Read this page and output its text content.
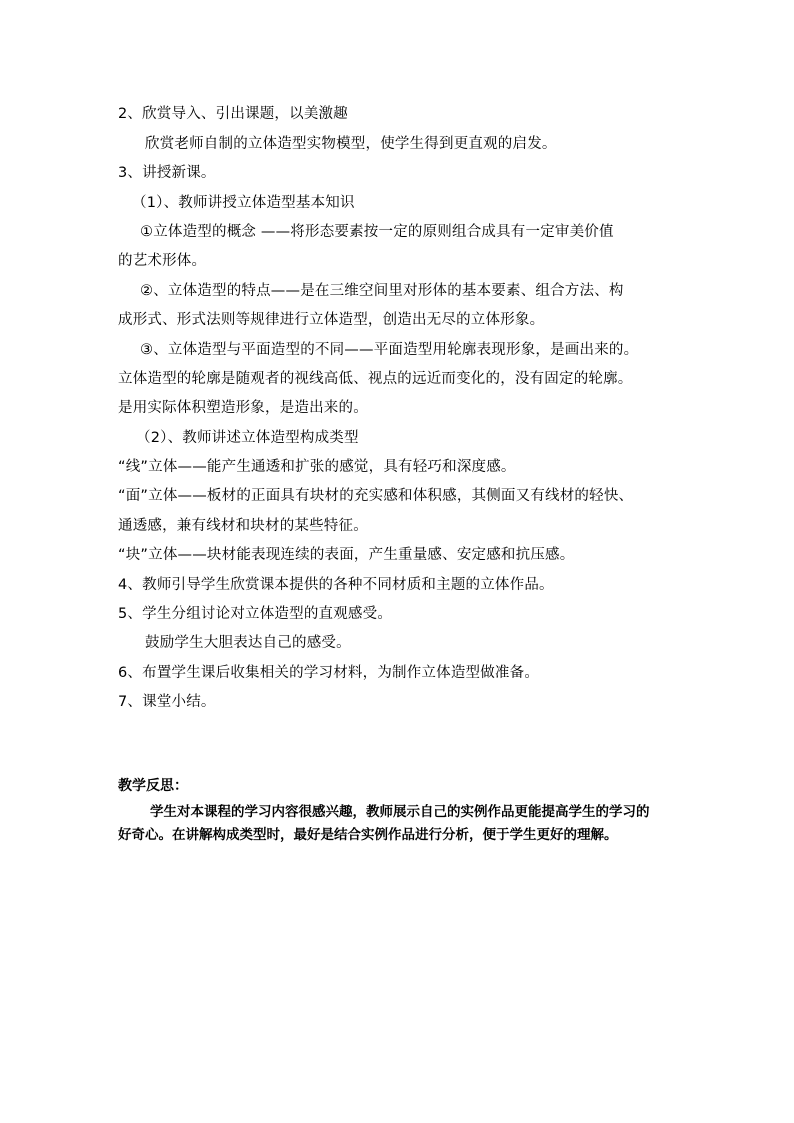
2、欣赏导入、引出课题，以美激趣
欣赏老师自制的立体造型实物模型，使学生得到更直观的启发。
3、讲授新课。
（1）、教师讲授立体造型基本知识
①立体造型的概念 ——将形态要素按一定的原则组合成具有一定审美价值
的艺术形体。
②、立体造型的特点——是在三维空间里对形体的基本要素、组合方法、构
成形式、形式法则等规律进行立体造型，创造出无尽的立体形象。
③、立体造型与平面造型的不同——平面造型用轮廓表现形象，是画出来的。
立体造型的轮廓是随观者的视线高低、视点的远近而变化的，没有固定的轮廓。
是用实际体积塑造形象，是造出来的。
（2）、教师讲述立体造型构成类型
“线”立体——能产生通透和扩张的感觉，具有轻巧和深度感。
“面”立体——板材的正面具有块材的充实感和体积感，其侧面又有线材的轻快、
通透感，兼有线材和块材的某些特征。
“块”立体——块材能表现连续的表面，产生重量感、安定感和抗压感。
4、教师引导学生欣赏课本提供的各种不同材质和主题的立体作品。
5、学生分组讨论对立体造型的直观感受。
鼓励学生大胆表达自己的感受。
6、布置学生课后收集相关的学习材料，为制作立体造型做准备。
7、课堂小结。
教学反思：
学生对本课程的学习内容很感兴趣，教师展示自己的实例作品更能提高学生的学习的
好奇心。在讲解构成类型时，最好是结合实例作品进行分析，便于学生更好的理解。
